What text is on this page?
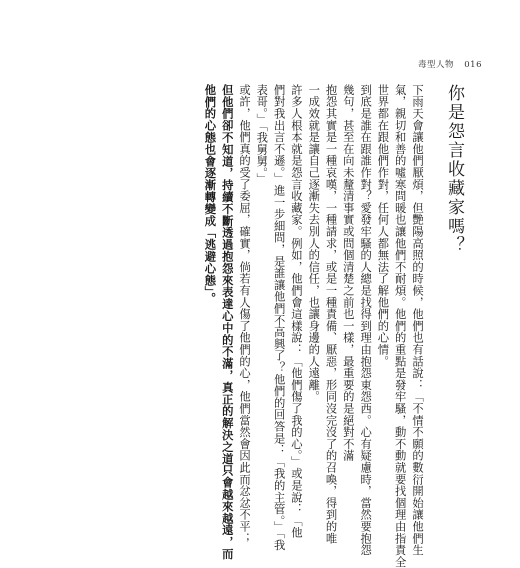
毒型人物 016
你是怨言收藏家嗎？
下雨天會讓他們厭煩，但艷陽高照的時候，他們也有話說：「不情不願的數衍開始讓他們生
氣，親切和善的噓寒問暖也讓他們不耐煩。他們的重點是發牢騷，動不動就要找個理由指責全
世界都在跟他們作對，任何人都無法了解他們的心情。
到底是誰在跟誰作對？愛發牢騷的人總是找得到理由抱怨東怨西。心有疑慮時，當然要抱怨
幾句，甚至在向未釐清事實或問個清楚之前也一樣，最重要的是絕對不滿
抱怨其實是一種哀嘆，一種請求，或是一種責備、厭惡，形同沒完沒了的召喚，得到的唯
一成效就是讓自己逐漸失去別人的信任，也讓身邊的人遠離。
許多人根本就是怨言收藏家。例如，他們會這樣說：「他們傷了我的心。」或是說：「他
們對我出言不遜。」進一步細問，是誰讓他們不高興了？他們的回答是：「我的主管。」「我
表哥。」「我舅舅。」
或許，他們真的受了委屈，確實，倘若有人傷了他們的心，他們當然會因此而忿忿不平；
但他們卻不知道，持續不斷透過抱怨來表達心中的不滿，真正的解決之道只會越來越遠，而
他們的心態也會逐漸轉變成「逃避心態」。
